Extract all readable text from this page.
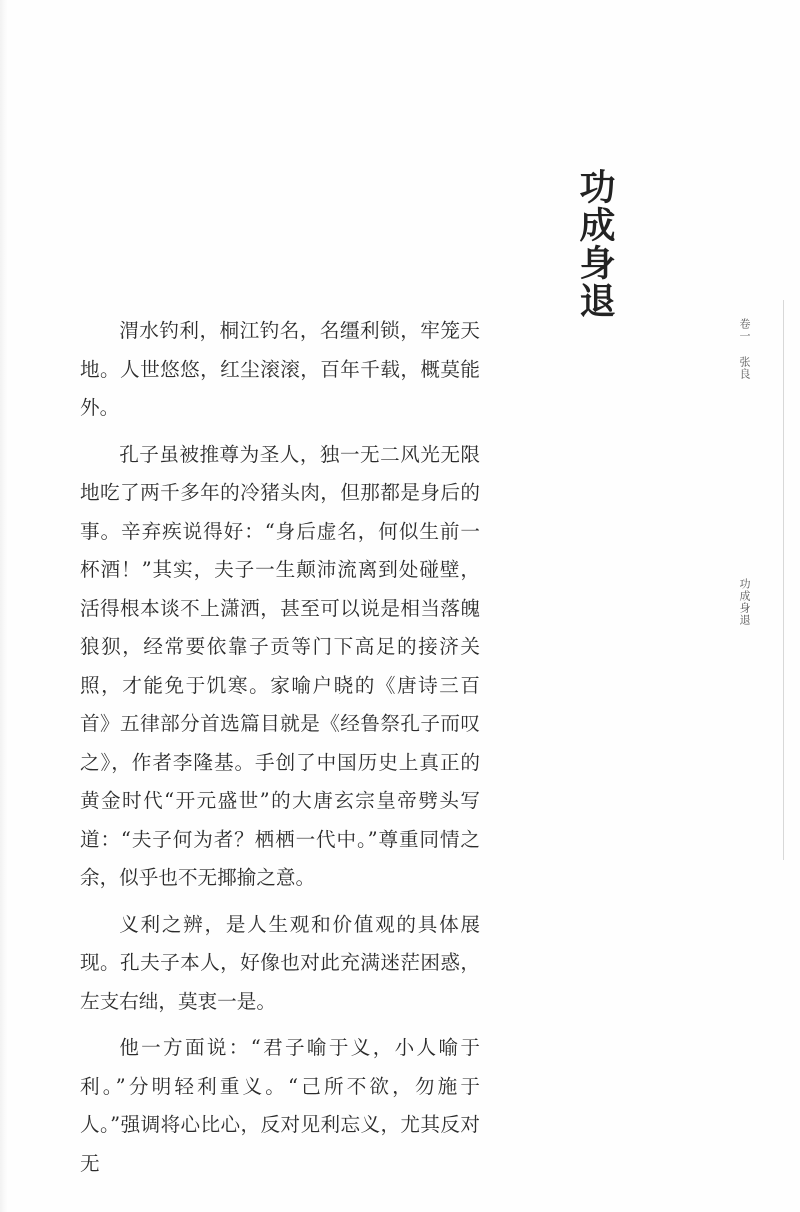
功成身退

渭水钓利，桐江钓名，名缰利锁，牢笼天地。人世悠悠，红尘滚滚，百年千载，概莫能外。

孔子虽被推尊为圣人，独一无二风光无限地吃了两千多年的冷猪头肉，但那都是身后的事。辛弃疾说得好：“身后虚名，何似生前一杯酒！”其实，夫子一生颠沛流离到处碰壁，活得根本谈不上潇洒，甚至可以说是相当落魄狼狈，经常要依靠子贡等门下高足的接济关照，才能免于饥寒。家喻户晓的《唐诗三百首》五律部分首选篇目就是《经鲁祭孔子而叹之》，作者李隆基。手创了中国历史上真正的黄金时代“开元盛世”的大唐玄宗皇帝劈头写道：“夫子何为者？栖栖一代中。”尊重同情之余，似乎也不无揶揄之意。

义利之辨，是人生观和价值观的具体展现。孔夫子本人，好像也对此充满迷茫困惑，左支右绌，莫衷一是。

他一方面说：“君子喻于义，小人喻于利。”分明轻利重义。“己所不欲，勿施于人。”强调将心比心，反对见利忘义，尤其反对无

卷一
张良
功成身退
